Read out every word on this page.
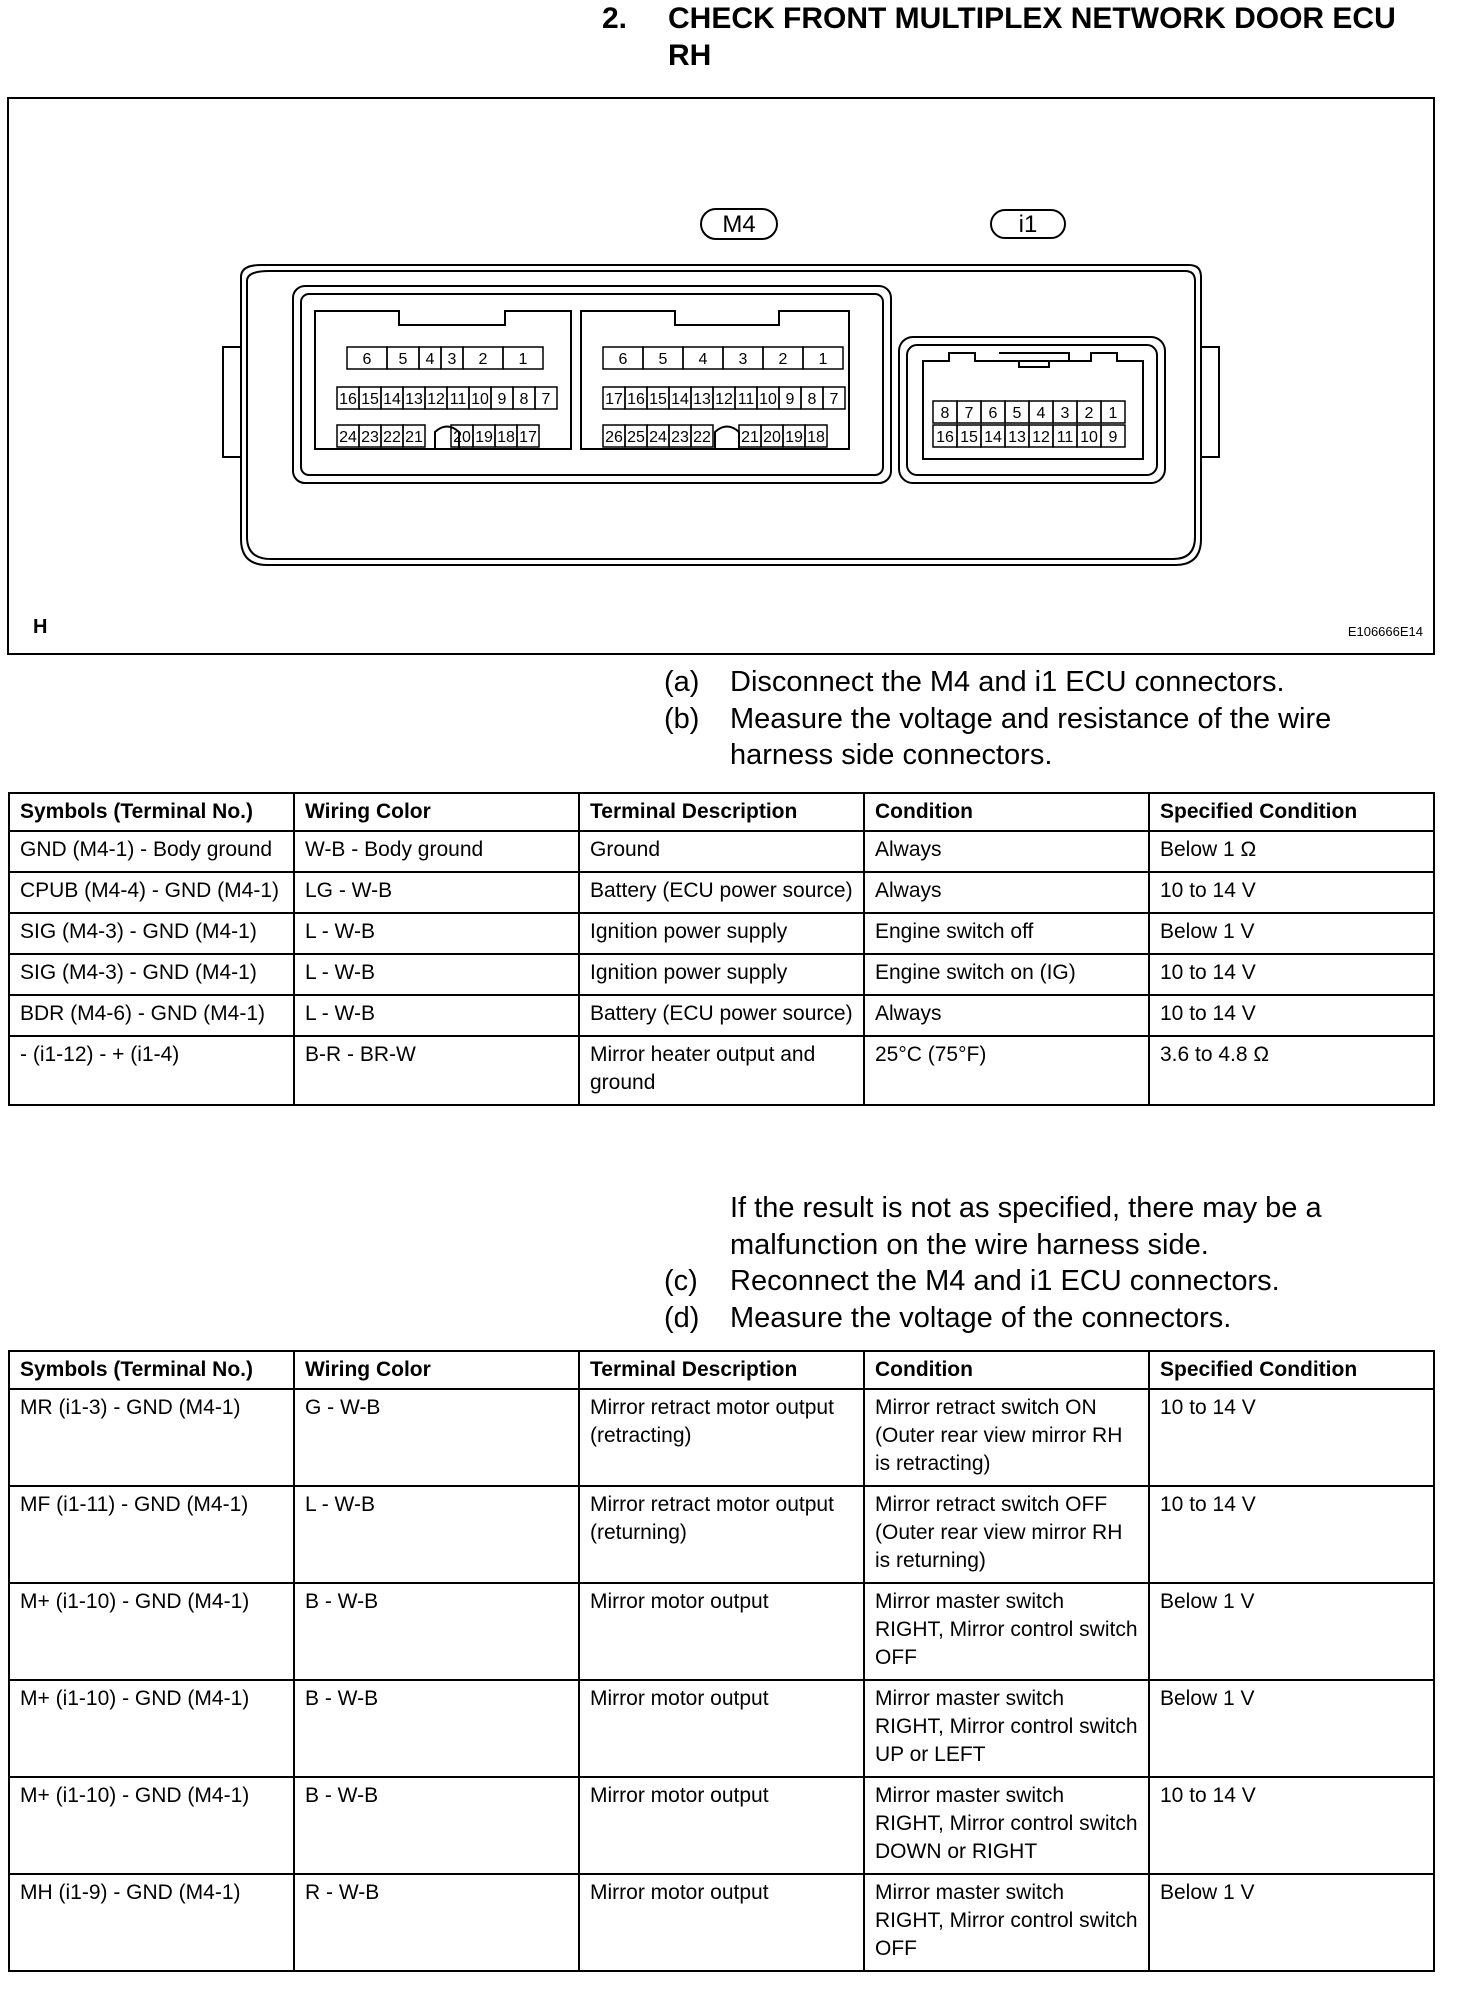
2. CHECK FRONT MULTIPLEX NETWORK DOOR ECU RH
M4	i1
6 5 4 3 2 1
16 15 14 13 12 11 10 9 8 7
24 23 22 21 20 19 18 17
6 5 4 3 2 1
17 16 15 14 13 12 11 10 9 8 7
26 25 24 23 22 21 20 19 18
8 7 6 5 4 3 2 1
16 15 14 13 12 11 10 9
H	E106666E14
(a) Disconnect the M4 and i1 ECU connectors.
(b) Measure the voltage and resistance of the wire harness side connectors.
Symbols (Terminal No.)	Wiring Color	Terminal Description	Condition	Specified Condition
GND (M4-1) - Body ground	W-B - Body ground	Ground	Always	Below 1 Ω
CPUB (M4-4) - GND (M4-1)	LG - W-B	Battery (ECU power source)	Always	10 to 14 V
SIG (M4-3) - GND (M4-1)	L - W-B	Ignition power supply	Engine switch off	Below 1 V
SIG (M4-3) - GND (M4-1)	L - W-B	Ignition power supply	Engine switch on (IG)	10 to 14 V
BDR (M4-6) - GND (M4-1)	L - W-B	Battery (ECU power source)	Always	10 to 14 V
- (i1-12) - + (i1-4)	B-R - BR-W	Mirror heater output and ground	25°C (75°F)	3.6 to 4.8 Ω
If the result is not as specified, there may be a malfunction on the wire harness side.
(c) Reconnect the M4 and i1 ECU connectors.
(d) Measure the voltage of the connectors.
Symbols (Terminal No.)	Wiring Color	Terminal Description	Condition	Specified Condition
MR (i1-3) - GND (M4-1)	G - W-B	Mirror retract motor output (retracting)	Mirror retract switch ON (Outer rear view mirror RH is retracting)	10 to 14 V
MF (i1-11) - GND (M4-1)	L - W-B	Mirror retract motor output (returning)	Mirror retract switch OFF (Outer rear view mirror RH is returning)	10 to 14 V
M+ (i1-10) - GND (M4-1)	B - W-B	Mirror motor output	Mirror master switch RIGHT, Mirror control switch OFF	Below 1 V
M+ (i1-10) - GND (M4-1)	B - W-B	Mirror motor output	Mirror master switch RIGHT, Mirror control switch UP or LEFT	Below 1 V
M+ (i1-10) - GND (M4-1)	B - W-B	Mirror motor output	Mirror master switch RIGHT, Mirror control switch DOWN or RIGHT	10 to 14 V
MH (i1-9) - GND (M4-1)	R - W-B	Mirror motor output	Mirror master switch RIGHT, Mirror control switch OFF	Below 1 V
